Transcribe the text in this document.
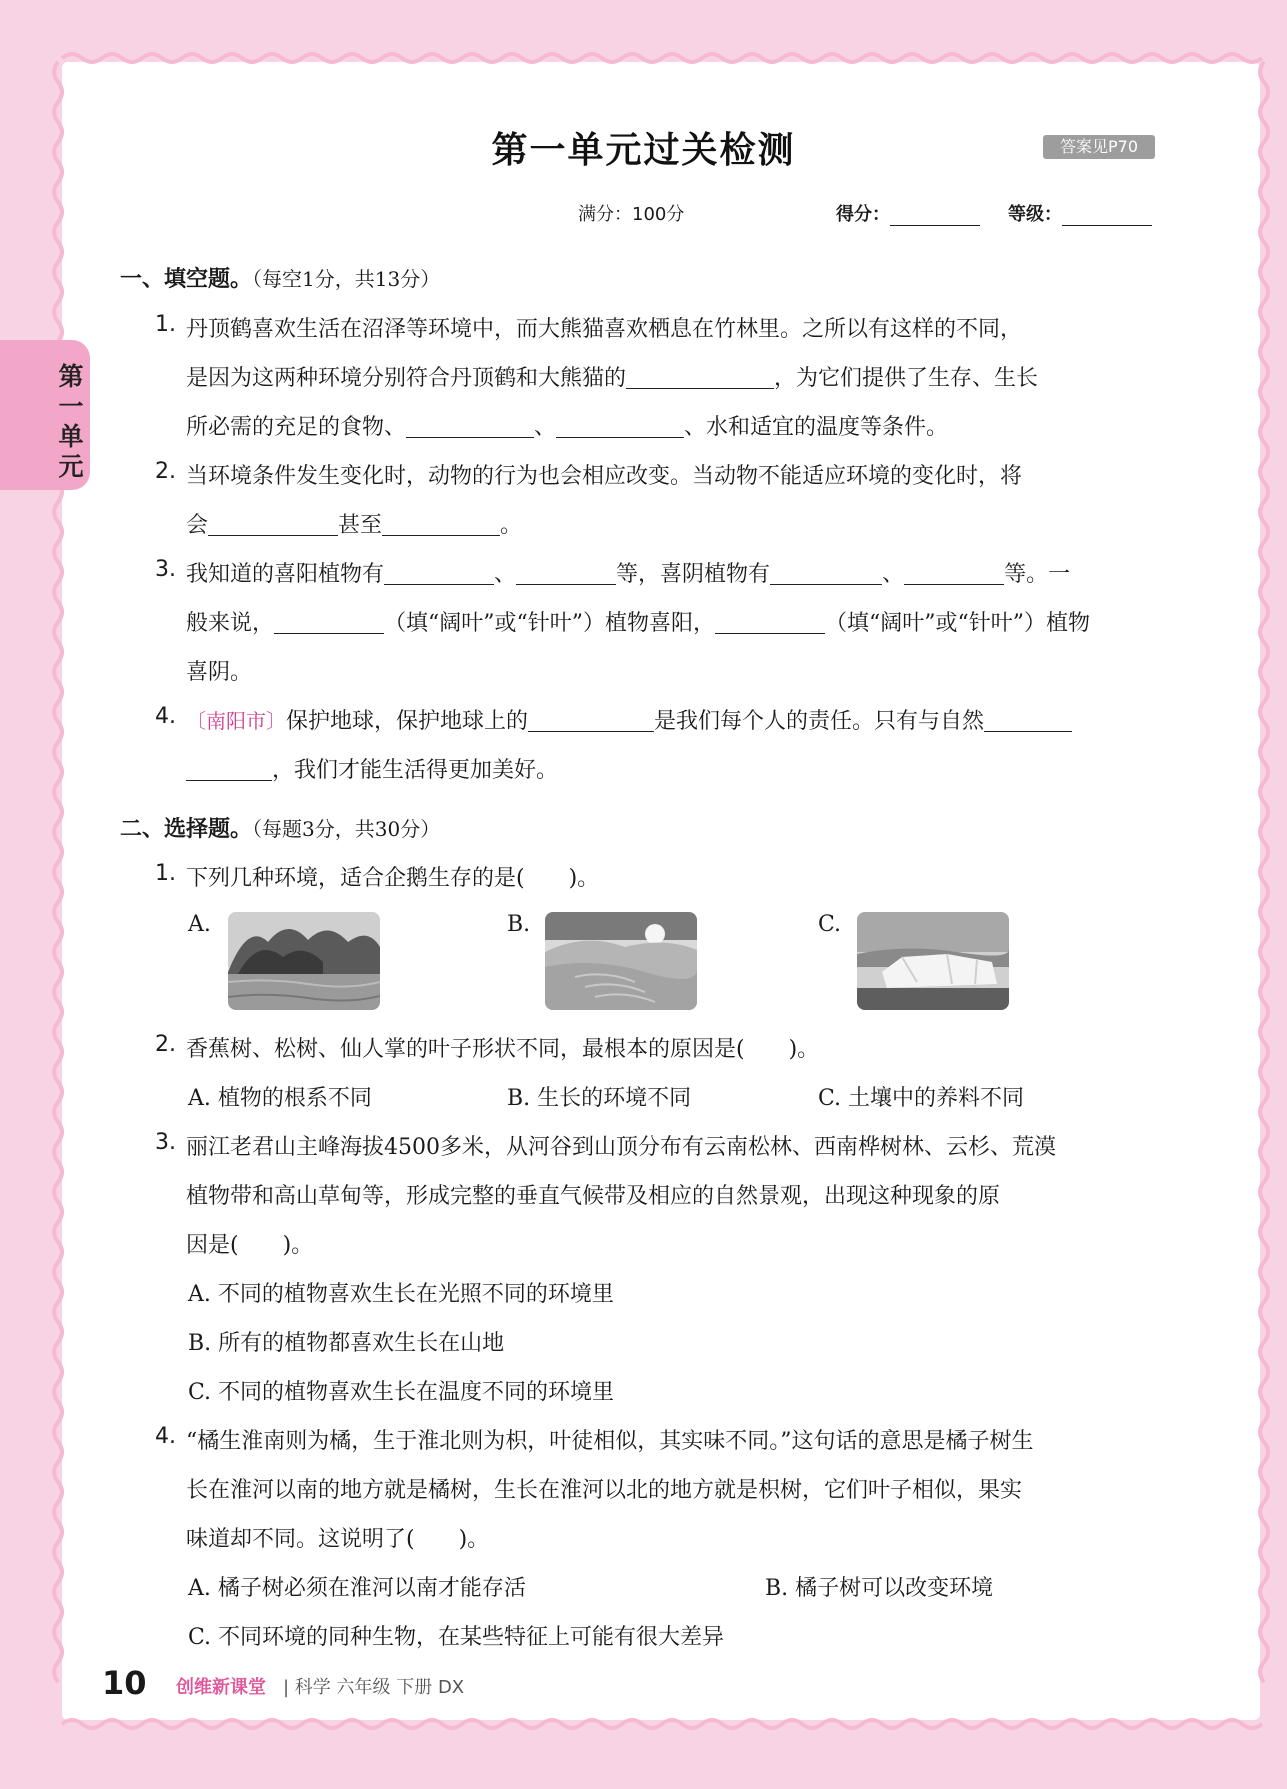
第一单元
第一单元过关检测	答案见P70
满分：100分	得分：	等级：
一、填空题。（每空1分，共13分）
1. 丹顶鹤喜欢生活在沼泽等环境中，而大熊猫喜欢栖息在竹林里。之所以有这样的不同，
是因为这两种环境分别符合丹顶鹤和大熊猫的	，为它们提供了生存、生长
所必需的充足的食物、	、	、水和适宜的温度等条件。
2. 当环境条件发生变化时，动物的行为也会相应改变。当动物不能适应环境的变化时，将
会	甚至	。
3. 我知道的喜阳植物有	、	等，喜阴植物有	、	等。一
般来说，	（填“阔叶”或“针叶”）植物喜阳，	（填“阔叶”或“针叶”）植物
喜阴。
4. 〔南阳市〕保护地球，保护地球上的	是我们每个人的责任。只有与自然
，我们才能生活得更加美好。
二、选择题。（每题3分，共30分）
1. 下列几种环境，适合企鹅生存的是(　　)。
A.	B.	C.
2. 香蕉树、松树、仙人掌的叶子形状不同，最根本的原因是(　　)。
A. 植物的根系不同	B. 生长的环境不同	C. 土壤中的养料不同
3. 丽江老君山主峰海拔4500多米，从河谷到山顶分布有云南松林、西南桦树林、云杉、荒漠
植物带和高山草甸等，形成完整的垂直气候带及相应的自然景观，出现这种现象的原
因是(　　)。
A. 不同的植物喜欢生长在光照不同的环境里
B. 所有的植物都喜欢生长在山地
C. 不同的植物喜欢生长在温度不同的环境里
4. “橘生淮南则为橘，生于淮北则为枳，叶徒相似，其实味不同。”这句话的意思是橘子树生
长在淮河以南的地方就是橘树，生长在淮河以北的地方就是枳树，它们叶子相似，果实
味道却不同。这说明了(　　)。
A. 橘子树必须在淮河以南才能存活	B. 橘子树可以改变环境
C. 不同环境的同种生物，在某些特征上可能有很大差异
10 创维新课堂 | 科学 六年级 下册 DX
